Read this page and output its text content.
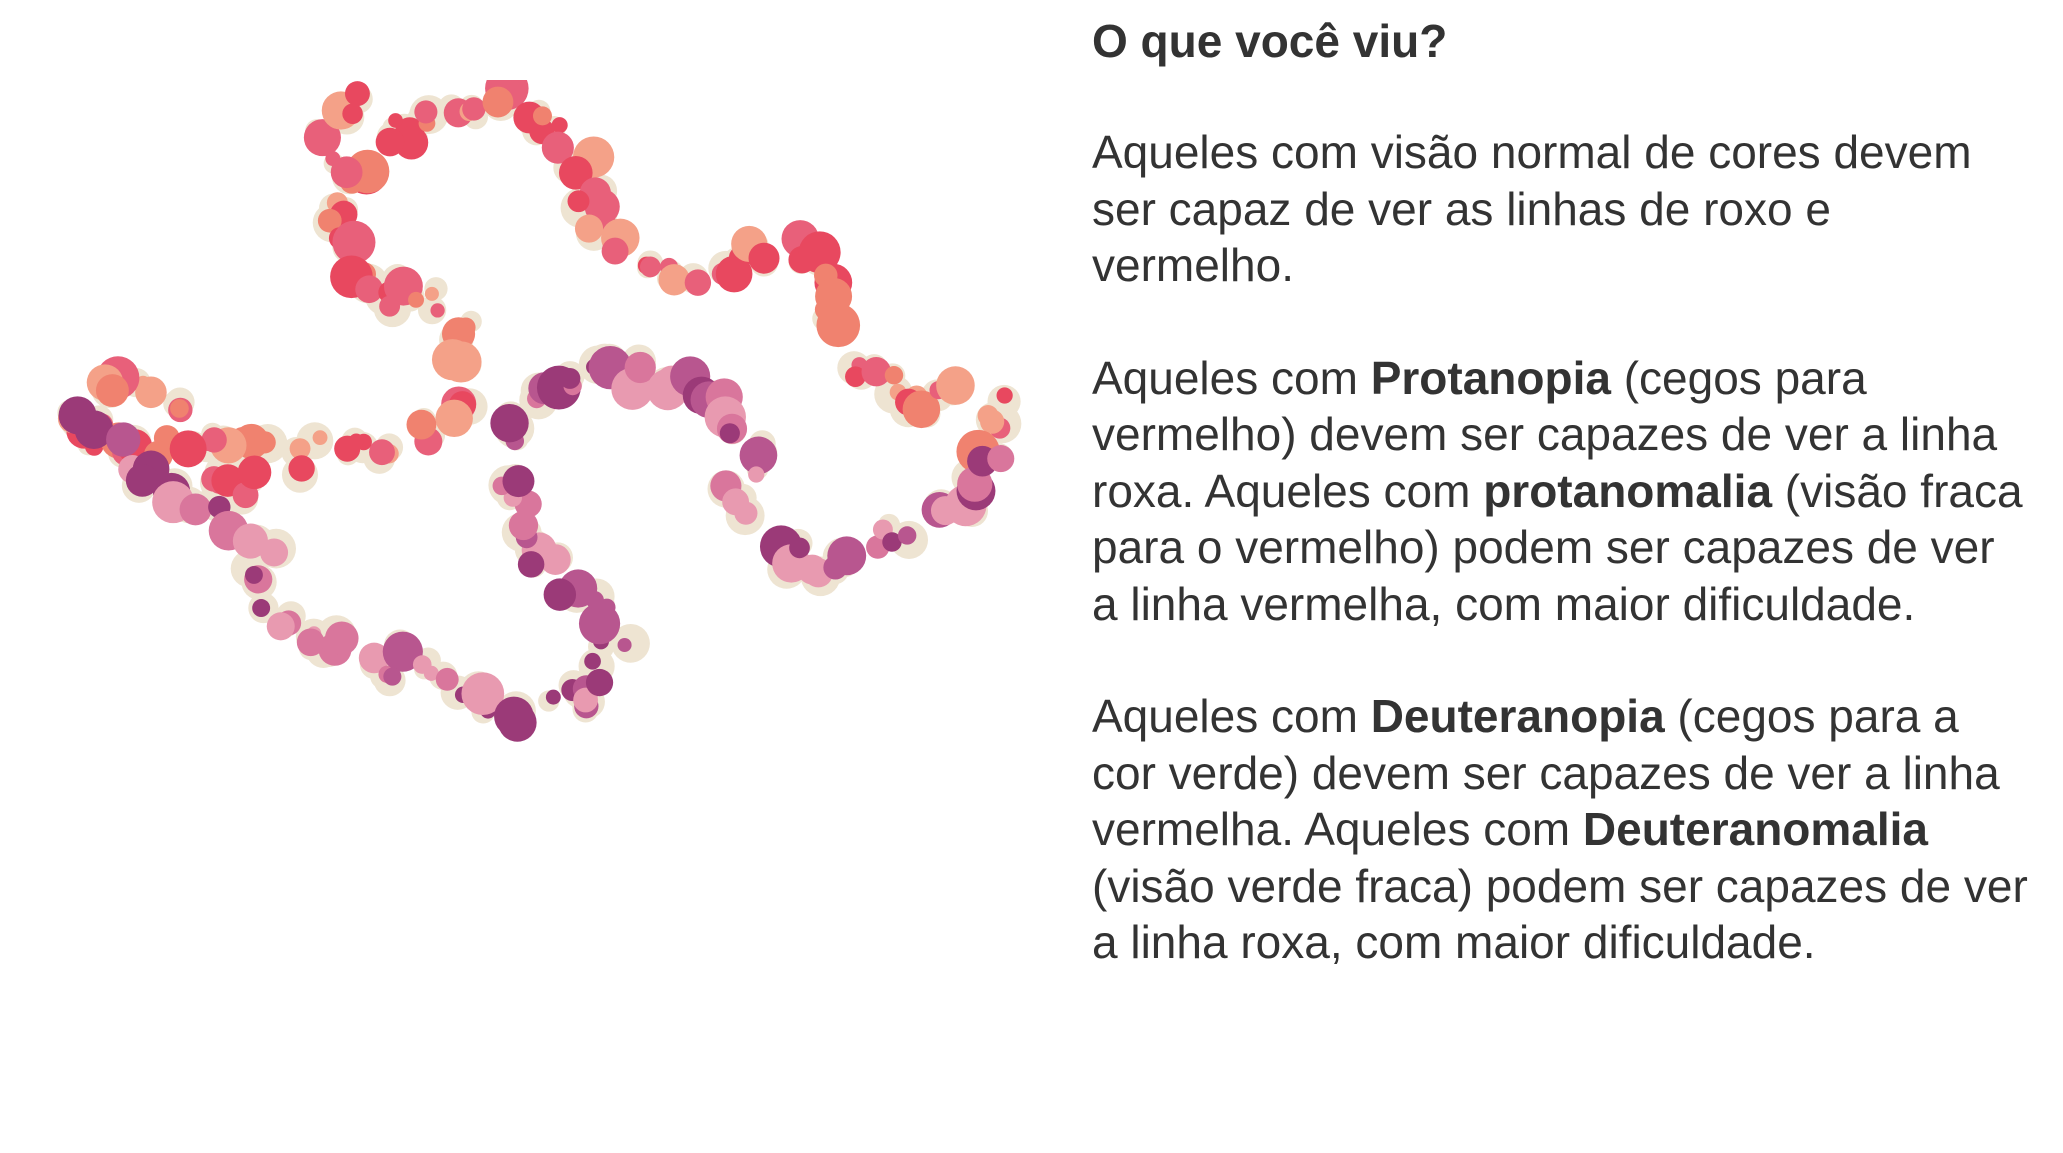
O que você viu?
Aqueles com visão normal de cores devem ser capaz de ver as linhas de roxo e vermelho.
Aqueles com Protanopia (cegos para vermelho) devem ser capazes de ver a linha roxa. Aqueles com protanomalia (visão fraca para o vermelho) podem ser capazes de ver a linha vermelha, com maior dificuldade.
Aqueles com Deuteranopia (cegos para a cor verde) devem ser capazes de ver a linha vermelha. Aqueles com Deuteranomalia (visão verde fraca) podem ser capazes de ver a linha roxa, com maior dificuldade.
